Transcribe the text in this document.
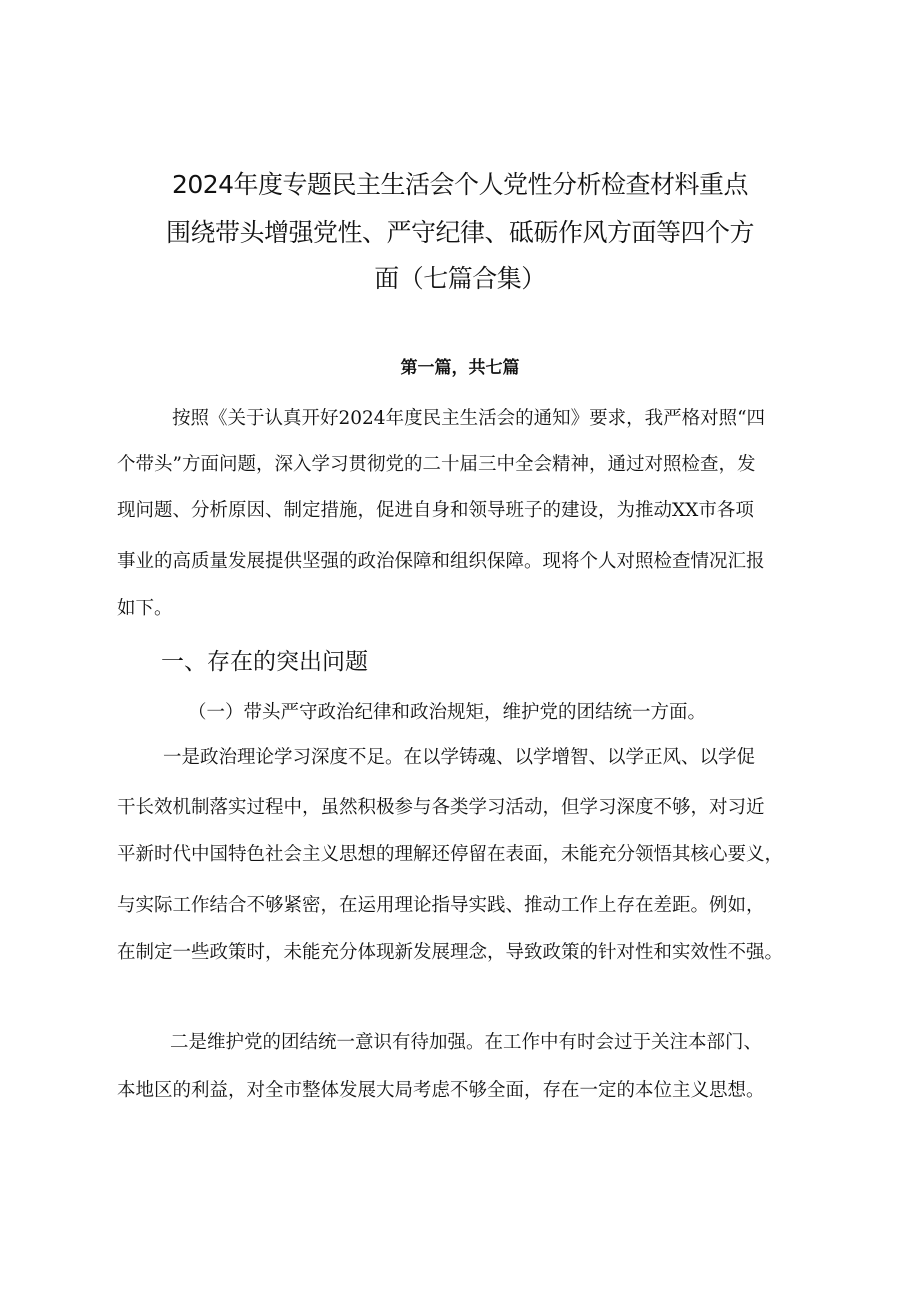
2024年度专题民主生活会个人党性分析检查材料重点
围绕带头增强党性、严守纪律、砥砺作风方面等四个方
面（七篇合集）
第一篇，共七篇
按照《关于认真开好2024年度民主生活会的通知》要求，我严格对照“四
个带头”方面问题，深入学习贯彻党的二十届三中全会精神，通过对照检查，发
现问题、分析原因、制定措施，促进自身和领导班子的建设，为推动XX市各项
事业的高质量发展提供坚强的政治保障和组织保障。现将个人对照检查情况汇报
如下。
一、存在的突出问题
（一）带头严守政治纪律和政治规矩，维护党的团结统一方面。
一是政治理论学习深度不足。在以学铸魂、以学增智、以学正风、以学促
干长效机制落实过程中，虽然积极参与各类学习活动，但学习深度不够，对习近
平新时代中国特色社会主义思想的理解还停留在表面，未能充分领悟其核心要义，
与实际工作结合不够紧密，在运用理论指导实践、推动工作上存在差距。例如，
在制定一些政策时，未能充分体现新发展理念，导致政策的针对性和实效性不强。
二是维护党的团结统一意识有待加强。在工作中有时会过于关注本部门、
本地区的利益，对全市整体发展大局考虑不够全面，存在一定的本位主义思想。
